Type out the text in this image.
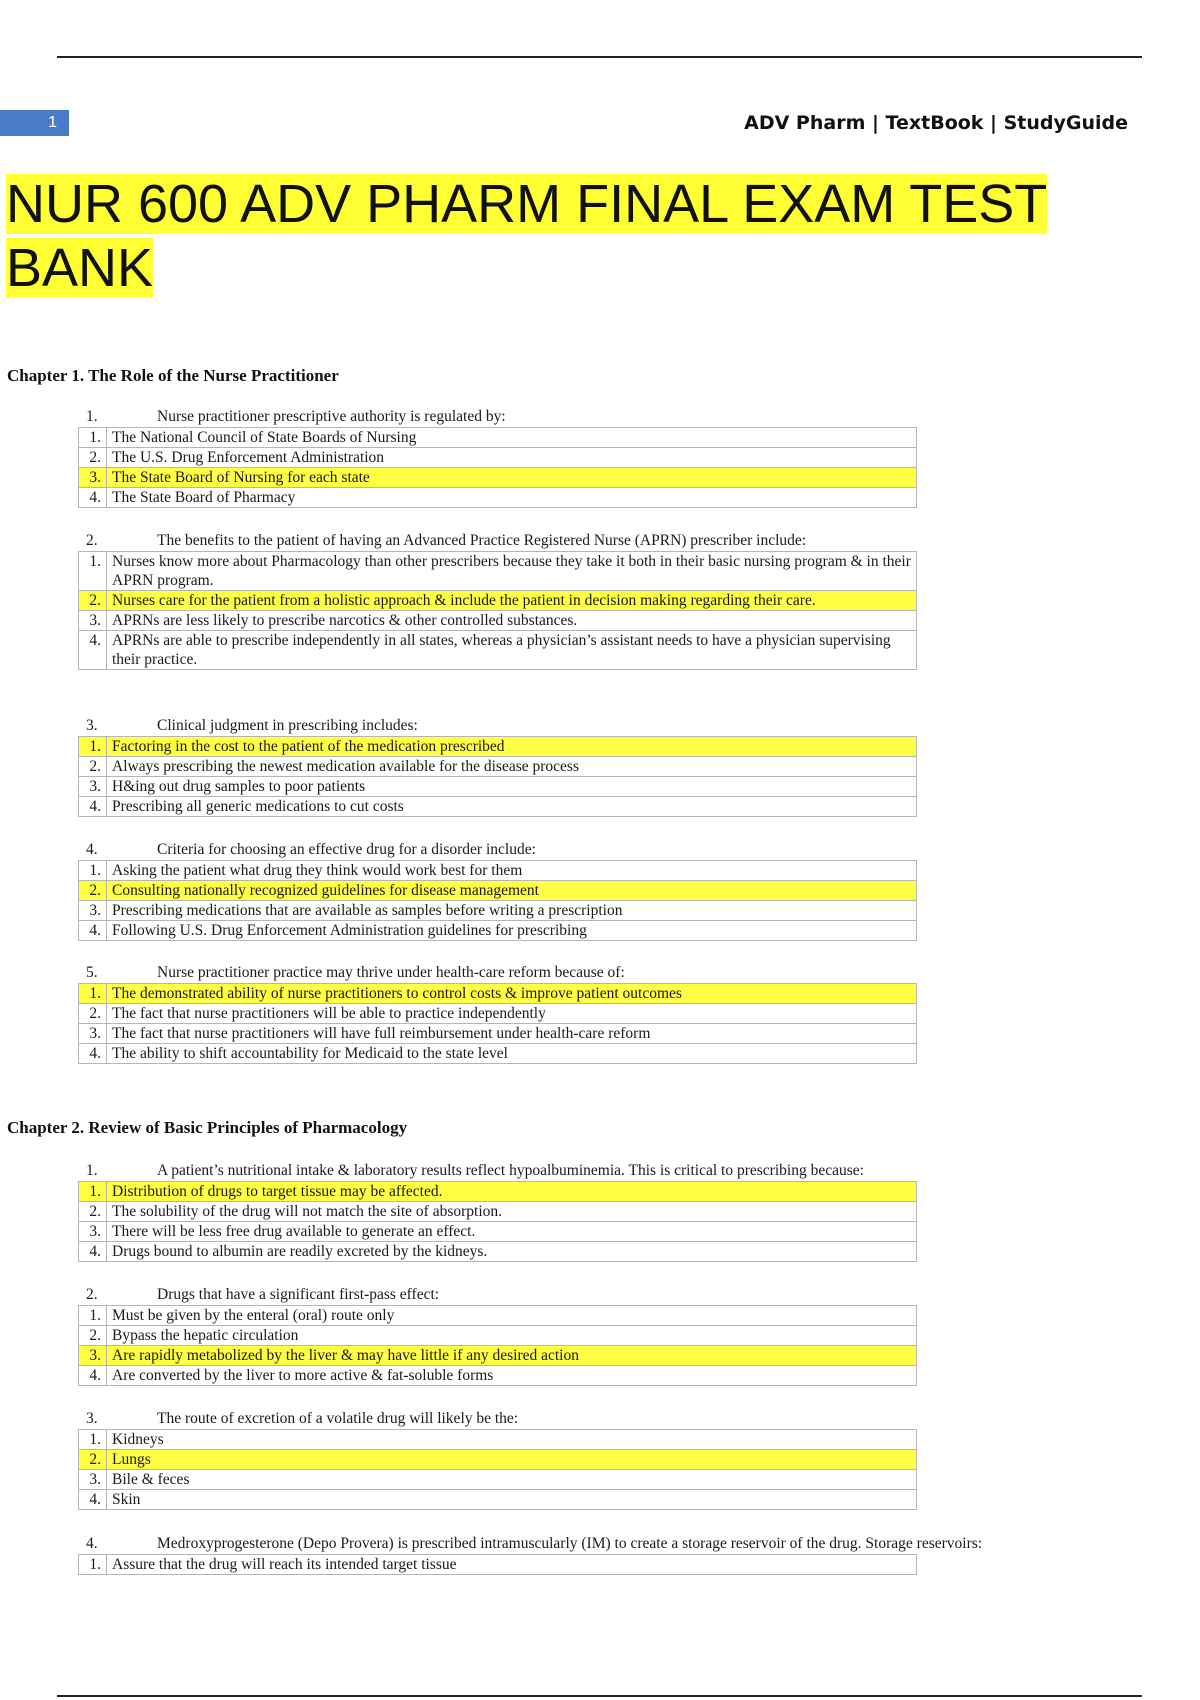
1	ADV Pharm | TextBook | StudyGuide
NUR 600 ADV PHARM FINAL EXAM TEST BANK
Chapter 1. The Role of the Nurse Practitioner
1.	Nurse practitioner prescriptive authority is regulated by:
1.	The National Council of State Boards of Nursing
2.	The U.S. Drug Enforcement Administration
3.	The State Board of Nursing for each state
4.	The State Board of Pharmacy
2.	The benefits to the patient of having an Advanced Practice Registered Nurse (APRN) prescriber include:
1.	Nurses know more about Pharmacology than other prescribers because they take it both in their basic nursing program & in their APRN program.
2.	Nurses care for the patient from a holistic approach & include the patient in decision making regarding their care.
3.	APRNs are less likely to prescribe narcotics & other controlled substances.
4.	APRNs are able to prescribe independently in all states, whereas a physician’s assistant needs to have a physician supervising their practice.
3.	Clinical judgment in prescribing includes:
1.	Factoring in the cost to the patient of the medication prescribed
2.	Always prescribing the newest medication available for the disease process
3.	H&ing out drug samples to poor patients
4.	Prescribing all generic medications to cut costs
4.	Criteria for choosing an effective drug for a disorder include:
1.	Asking the patient what drug they think would work best for them
2.	Consulting nationally recognized guidelines for disease management
3.	Prescribing medications that are available as samples before writing a prescription
4.	Following U.S. Drug Enforcement Administration guidelines for prescribing
5.	Nurse practitioner practice may thrive under health-care reform because of:
1.	The demonstrated ability of nurse practitioners to control costs & improve patient outcomes
2.	The fact that nurse practitioners will be able to practice independently
3.	The fact that nurse practitioners will have full reimbursement under health-care reform
4.	The ability to shift accountability for Medicaid to the state level
Chapter 2. Review of Basic Principles of Pharmacology
1.	A patient’s nutritional intake & laboratory results reflect hypoalbuminemia. This is critical to prescribing because:
1.	Distribution of drugs to target tissue may be affected.
2.	The solubility of the drug will not match the site of absorption.
3.	There will be less free drug available to generate an effect.
4.	Drugs bound to albumin are readily excreted by the kidneys.
2.	Drugs that have a significant first-pass effect:
1.	Must be given by the enteral (oral) route only
2.	Bypass the hepatic circulation
3.	Are rapidly metabolized by the liver & may have little if any desired action
4.	Are converted by the liver to more active & fat-soluble forms
3.	The route of excretion of a volatile drug will likely be the:
1.	Kidneys
2.	Lungs
3.	Bile & feces
4.	Skin
4.	Medroxyprogesterone (Depo Provera) is prescribed intramuscularly (IM) to create a storage reservoir of the drug. Storage reservoirs:
1.	Assure that the drug will reach its intended target tissue
